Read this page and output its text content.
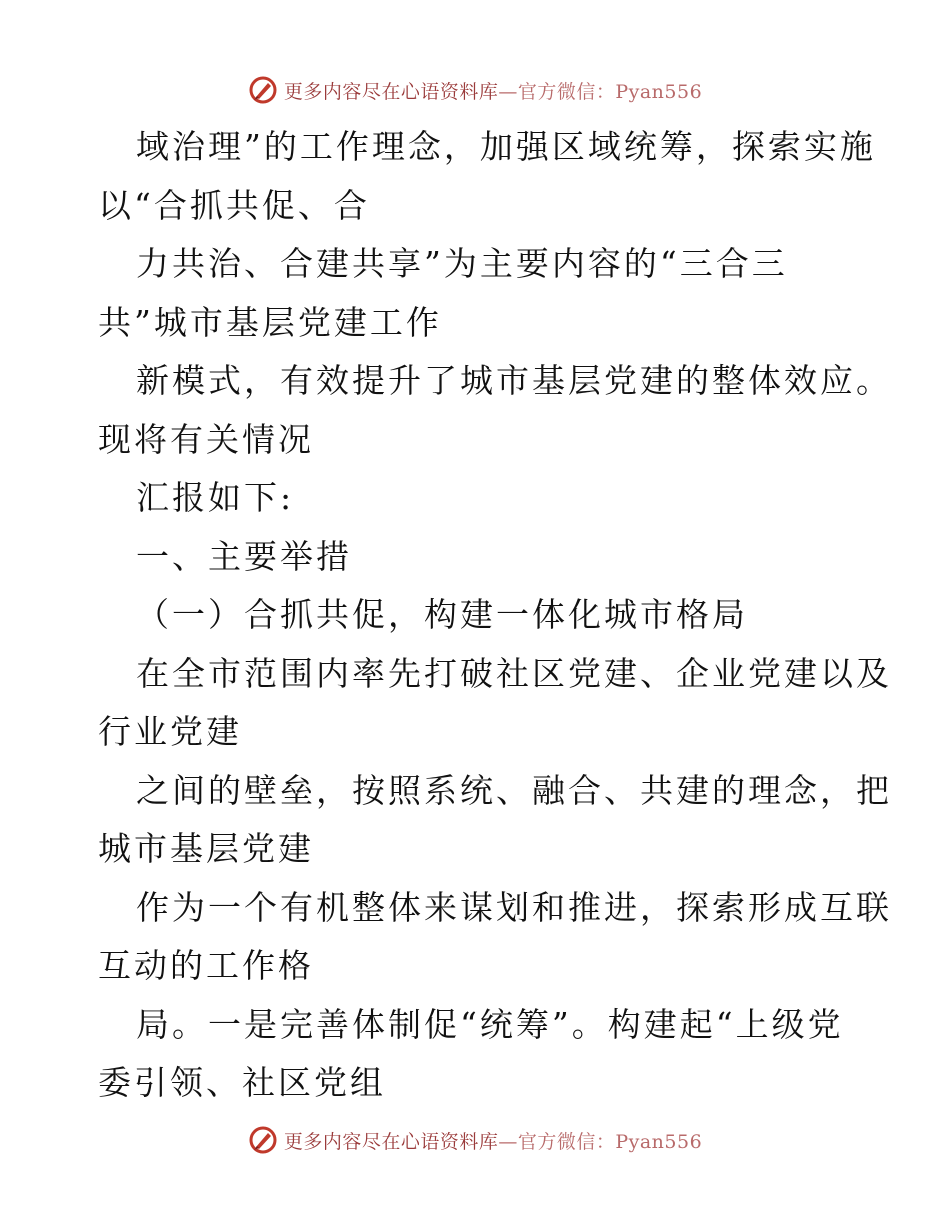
更多内容尽在心语资料库—官方微信：Pyan556
域治理”的工作理念，加强区域统筹，探索实施
以“合抓共促、合
力共治、合建共享”为主要内容的“三合三
共”城市基层党建工作
新模式，有效提升了城市基层党建的整体效应。
现将有关情况
汇报如下:
一、主要举措
（一）合抓共促，构建一体化城市格局
在全市范围内率先打破社区党建、企业党建以及
行业党建
之间的壁垒，按照系统、融合、共建的理念，把
城市基层党建
作为一个有机整体来谋划和推进，探索形成互联
互动的工作格
局。一是完善体制促“统筹”。构建起“上级党
委引领、社区党组
更多内容尽在心语资料库—官方微信：Pyan556
